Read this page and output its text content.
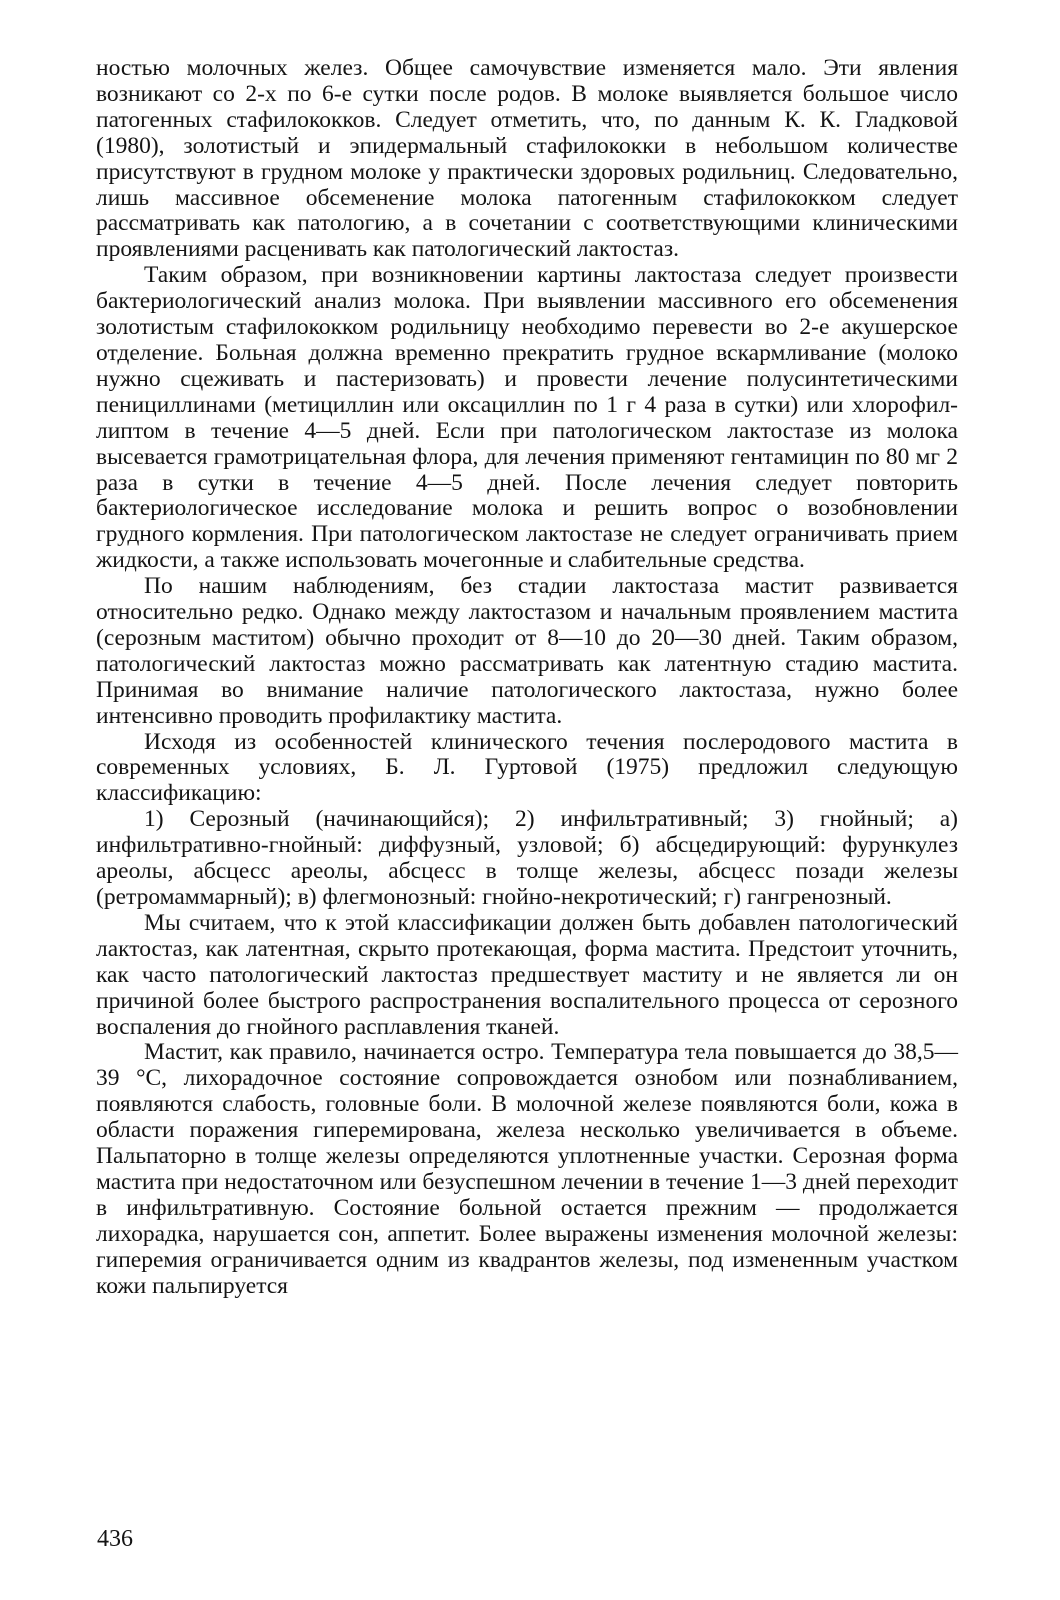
ностью молочных желез. Общее самочувствие изменяется мало. Эти явления возникают со 2-х по 6-е сутки после родов. В молоке выявляется большое число патогенных стафилококков. Следует отметить, что, по данным К. К. Гладковой (1980), золотистый и эпидермальный стафилококки в небольшом количестве присутствуют в грудном молоке у практически здоровых родильниц. Следовательно, лишь массивное обсеменение молока патогенным стафилококком следует рассматривать как патологию, а в сочетании с соответствующими клиническими проявлениями расценивать как патологический лактостаз.

Таким образом, при возникновении картины лактостаза следует произвести бактериологический анализ молока. При выявлении массивного его обсеменения золотистым стафилококком родильницу необходимо перевести во 2-е акушерское отделение. Больная должна временно прекратить грудное вскармливание (молоко нужно сцеживать и пастеризовать) и провести лечение полусинтетическими пенициллинами (метициллин или оксациллин по 1 г 4 раза в сутки) или хлорофиллиптом в течение 4—5 дней. Если при патологическом лактостазе из молока высевается грамотрицательная флора, для лечения применяют гентамицин по 80 мг 2 раза в сутки в течение 4—5 дней. После лечения следует повторить бактериологическое исследование молока и решить вопрос о возобновлении грудного кормления. При патологическом лактостазе не следует ограничивать прием жидкости, а также использовать мочегонные и слабительные средства.

По нашим наблюдениям, без стадии лактостаза мастит развивается относительно редко. Однако между лактостазом и начальным проявлением мастита (серозным маститом) обычно проходит от 8—10 до 20—30 дней. Таким образом, патологический лактостаз можно рассматривать как латентную стадию мастита. Принимая во внимание наличие патологического лактостаза, нужно более интенсивно проводить профилактику мастита.

Исходя из особенностей клинического течения послеродового мастита в современных условиях, Б. Л. Гуртовой (1975) предложил следующую классификацию:

1) Серозный (начинающийся); 2) инфильтративный; 3) гнойный; а) инфильтративно-гнойный: диффузный, узловой; б) абсцедирующий: фурункулез ареолы, абсцесс ареолы, абсцесс в толще железы, абсцесс позади железы (ретромаммарный); в) флегмонозный: гнойно-некротический; г) гангренозный.

Мы считаем, что к этой классификации должен быть добавлен патологический лактостаз, как латентная, скрыто протекающая, форма мастита. Предстоит уточнить, как часто патологический лактостаз предшествует маститу и не является ли он причиной более быстрого распространения воспалительного процесса от серозного воспаления до гнойного расплавления тканей.

Мастит, как правило, начинается остро. Температура тела повышается до 38,5—39 °С, лихорадочное состояние сопровождается ознобом или познабливанием, появляются слабость, головные боли. В молочной железе появляются боли, кожа в области поражения гиперемирована, железа несколько увеличивается в объеме. Пальпаторно в толще железы определяются уплотненные участки. Серозная форма мастита при недостаточном или безуспешном лечении в течение 1—3 дней переходит в инфильтративную. Состояние больной остается прежним — продолжается лихорадка, нарушается сон, аппетит. Более выражены изменения молочной железы: гиперемия ограничивается одним из квадрантов железы, под измененным участком кожи пальпируется

436
